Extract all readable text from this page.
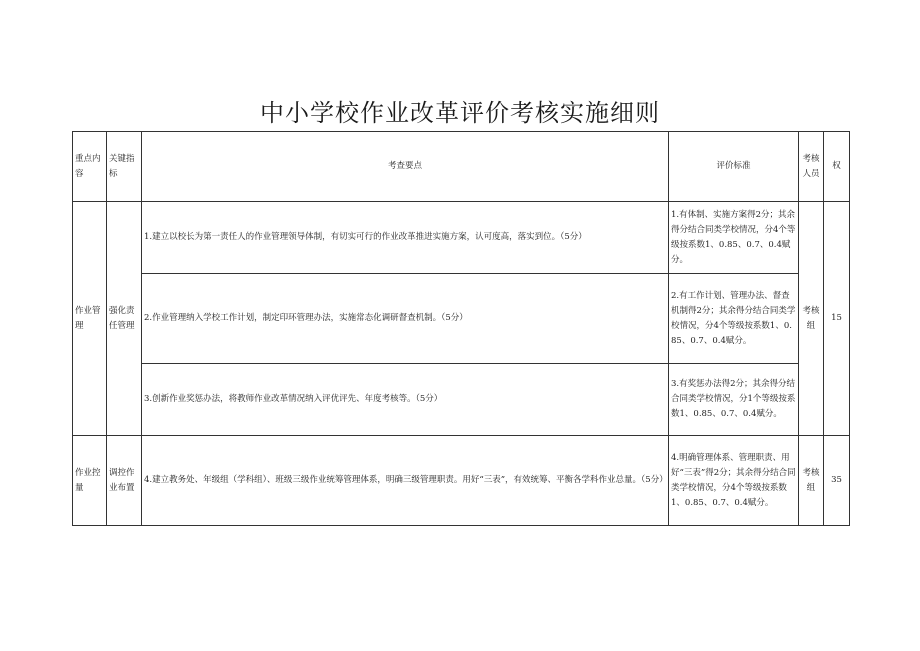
中小学校作业改革评价考核实施细则
重点内容	关键指标	考查要点	评价标准	考核人员	权
作业管理	强化责任管理	1.建立以校长为第一责任人的作业管理领导体制，有切实可行的作业改革推进实施方案，认可度高，落实到位。（5分）	1.有体制、实施方案得2分；其余得分结合同类学校情况，分4个等级按系数1、0.85、0.7、0.4赋分。	考核组	15
		2.作业管理纳入学校工作计划，制定印环管理办法，实施常态化调研督查机制。（5分）	2.有工作计划、管理办法、督查机制得2分；其余得分结合同类学校情况，分4个等级按系数1、0.85、0.7、0.4赋分。		
		3.创新作业奖惩办法，将教师作业改革情况纳入评优评先、年度考核等。（5分）	3.有奖惩办法得2分；其余得分结合同类学校情况，分1个等级按系数1、0.85、0.7、0.4赋分。		
作业控量	调控作业布置	4.建立教务处、年级组（学科组）、班级三级作业统筹管理体系，明确三级管理职责。用好“三表”，有效统筹、平衡各学科作业总量。（5分）	4.明确管理体系、管理职责、用好“三表”得2分；其余得分结合同类学校情况，分4个等级按系数1、0.85、0.7、0.4赋分。	考核组	35
